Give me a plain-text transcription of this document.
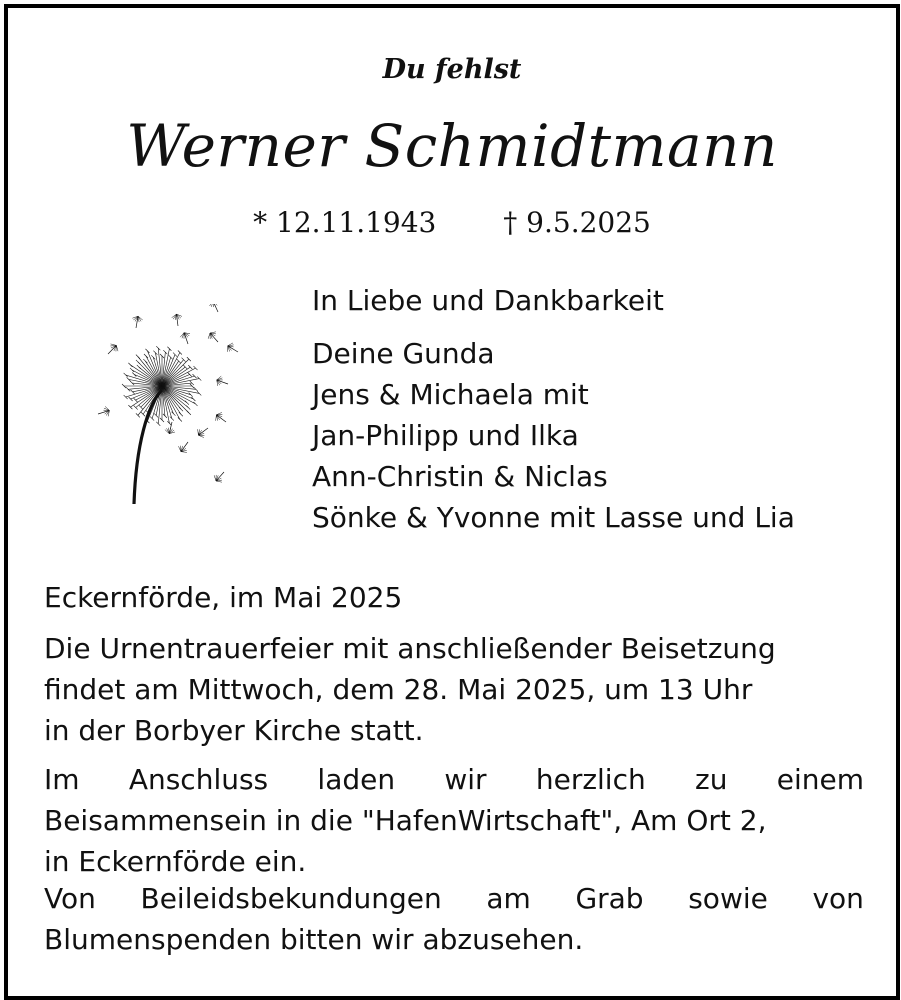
Du fehlst
Werner Schmidtmann
* 12.11.1943 † 9.5.2025
In Liebe und Dankbarkeit
Deine Gunda
Jens & Michaela mit
Jan-Philipp und Ilka
Ann-Christin & Niclas
Sönke & Yvonne mit Lasse und Lia
Eckernförde, im Mai 2025
Die Urnentrauerfeier mit anschließender Beisetzung
findet am Mittwoch, dem 28. Mai 2025, um 13 Uhr
in der Borbyer Kirche statt.
Im Anschluss laden wir herzlich zu einem
Beisammensein in die "HafenWirtschaft", Am Ort 2,
in Eckernförde ein.
Von Beileidsbekundungen am Grab sowie von
Blumenspenden bitten wir abzusehen.
